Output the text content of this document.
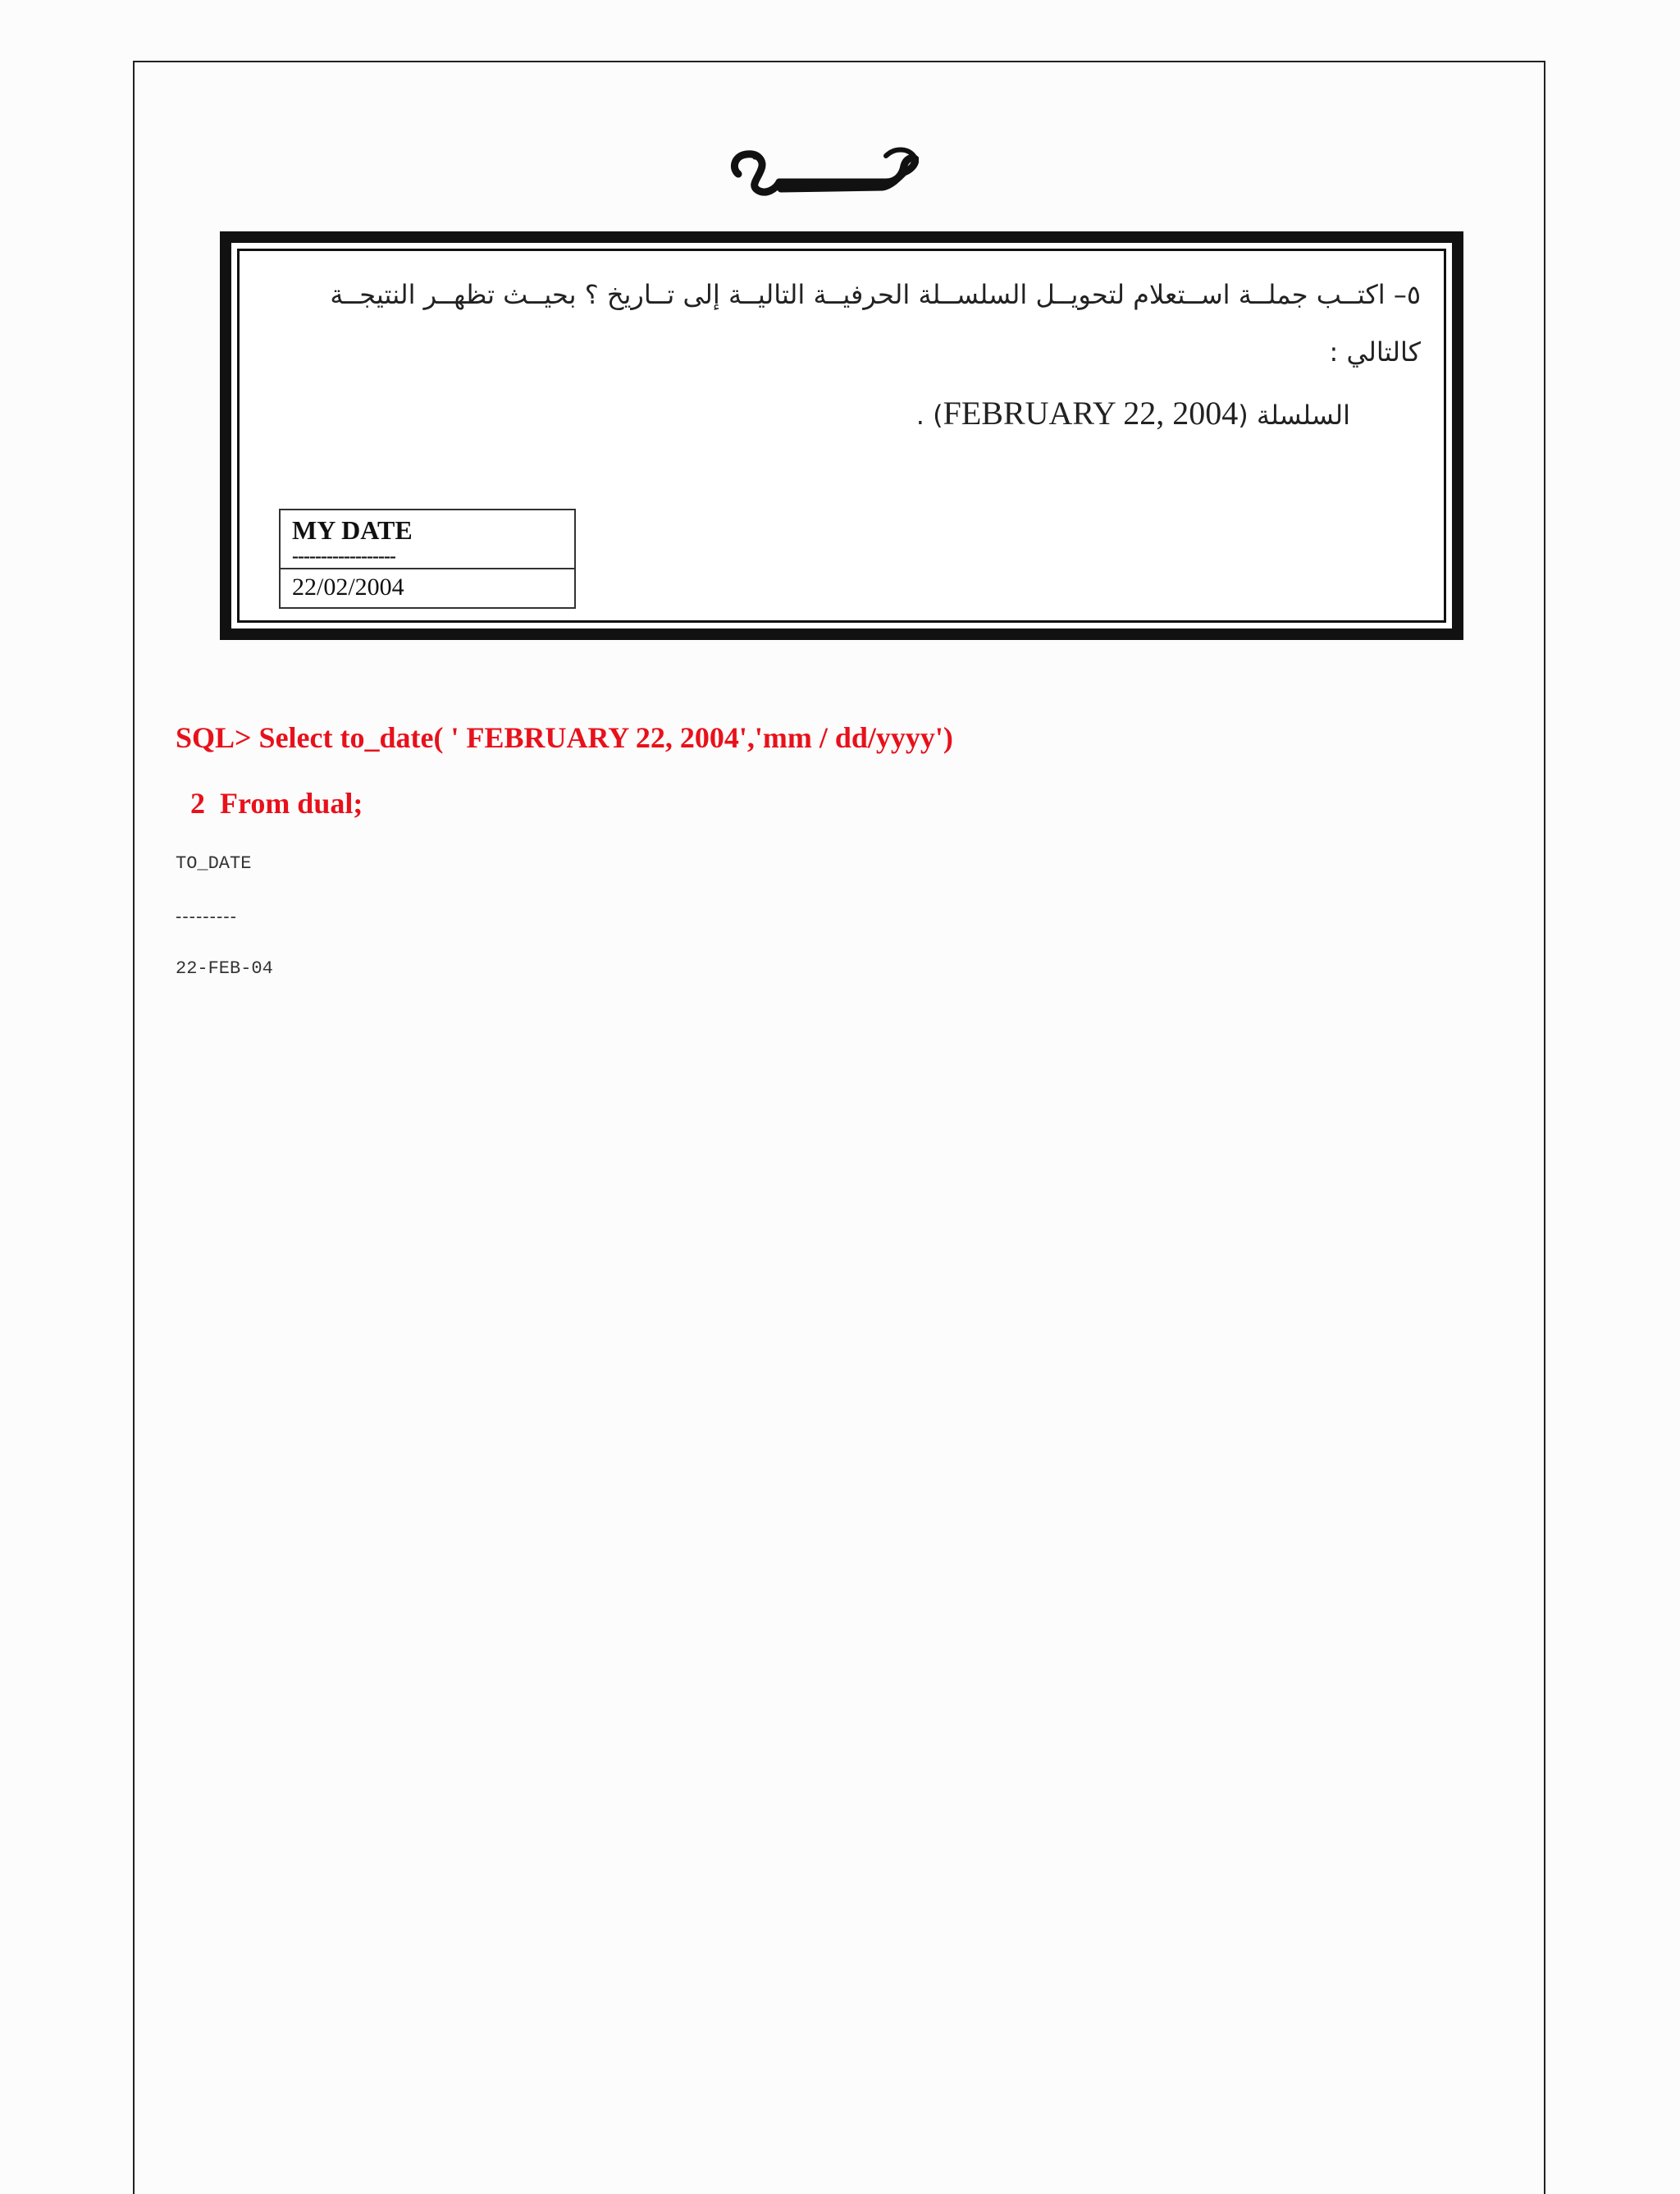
حـــل
٥– اكتــب جملــة اســتعلام لتحويــل السلســلة الحرفيــة التاليــة إلى تــاريخ ؟ بحيــث تظهــر النتيجــة
كالتالي :
السلسلة (FEBRUARY 22, 2004) .
MY DATE
------------------
22/02/2004
SQL> Select to_date( ' FEBRUARY 22, 2004','mm / dd/yyyy')
2  From dual;
TO_DATE
---------
22-FEB-04
